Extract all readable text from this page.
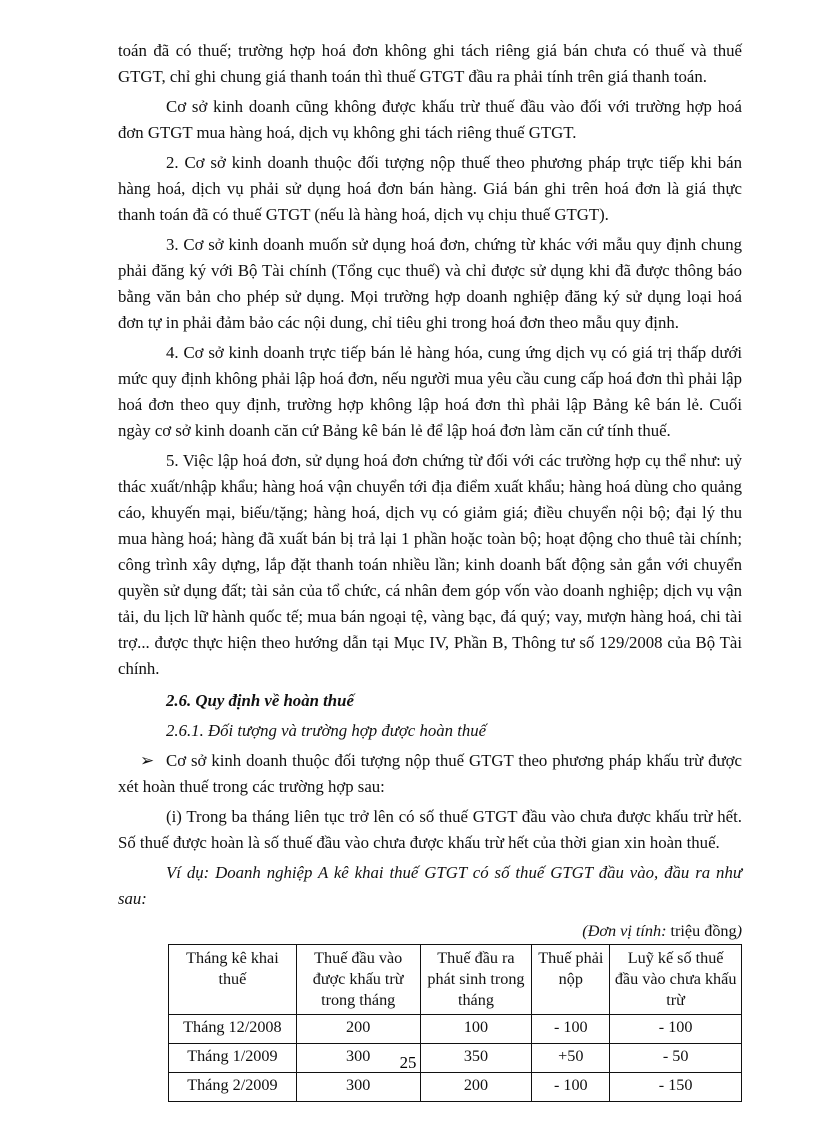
toán đã có thuế; trường hợp hoá đơn không ghi tách riêng giá bán chưa có thuế và thuế GTGT, chỉ ghi chung giá thanh toán thì thuế GTGT đầu ra phải tính trên giá thanh toán.

Cơ sở kinh doanh cũng không được khấu trừ thuế đầu vào đối với trường hợp hoá đơn GTGT mua hàng hoá, dịch vụ không ghi tách riêng thuế GTGT.

2. Cơ sở kinh doanh thuộc đối tượng nộp thuế theo phương pháp trực tiếp khi bán hàng hoá, dịch vụ phải sử dụng hoá đơn bán hàng. Giá bán ghi trên hoá đơn là giá thực thanh toán đã có thuế GTGT (nếu là hàng hoá, dịch vụ chịu thuế GTGT).

3. Cơ sở kinh doanh muốn sử dụng hoá đơn, chứng từ khác với mẫu quy định chung phải đăng ký với Bộ Tài chính (Tổng cục thuế) và chỉ được sử dụng khi đã được thông báo bằng văn bản cho phép sử dụng. Mọi trường hợp doanh nghiệp đăng ký sử dụng loại hoá đơn tự in phải đảm bảo các nội dung, chỉ tiêu ghi trong hoá đơn theo mẫu quy định.

4. Cơ sở kinh doanh trực tiếp bán lẻ hàng hóa, cung ứng dịch vụ có giá trị thấp dưới mức quy định không phải lập hoá đơn, nếu người mua yêu cầu cung cấp hoá đơn thì phải lập hoá đơn theo quy định, trường hợp không lập hoá đơn thì phải lập Bảng kê bán lẻ. Cuối ngày cơ sở kinh doanh căn cứ Bảng kê bán lẻ để lập hoá đơn làm căn cứ tính thuế.

5. Việc lập hoá đơn, sử dụng hoá đơn chứng từ đối với các trường hợp cụ thể như: uỷ thác xuất/nhập khẩu; hàng hoá vận chuyển tới địa điểm xuất khẩu; hàng hoá dùng cho quảng cáo, khuyến mại, biếu/tặng; hàng hoá, dịch vụ có giảm giá; điều chuyển nội bộ; đại lý thu mua hàng hoá; hàng đã xuất bán bị trả lại 1 phần hoặc toàn bộ; hoạt động cho thuê tài chính; công trình xây dựng, lắp đặt thanh toán nhiều lần; kinh doanh bất động sản gắn với chuyển quyền sử dụng đất; tài sản của tổ chức, cá nhân đem góp vốn vào doanh nghiệp; dịch vụ vận tải, du lịch lữ hành quốc tế; mua bán ngoại tệ, vàng bạc, đá quý; vay, mượn hàng hoá, chi tài trợ... được thực hiện theo hướng dẫn tại Mục IV, Phần B, Thông tư số 129/2008 của Bộ Tài chính.

2.6. Quy định về hoàn thuế

2.6.1. Đối tượng và trường hợp được hoàn thuế

➢ Cơ sở kinh doanh thuộc đối tượng nộp thuế GTGT theo phương pháp khấu trừ được xét hoàn thuế trong các trường hợp sau:

(i) Trong ba tháng liên tục trở lên có số thuế GTGT đầu vào chưa được khấu trừ hết. Số thuế được hoàn là số thuế đầu vào chưa được khấu trừ hết của thời gian xin hoàn thuế.

Ví dụ: Doanh nghiệp A kê khai thuế GTGT có số thuế GTGT đầu vào, đầu ra như sau:

(Đơn vị tính: triệu đồng)

Tháng kê khai thuế	Thuế đầu vào được khấu trừ trong tháng	Thuế đầu ra phát sinh trong tháng	Thuế phải nộp	Luỹ kế số thuế đầu vào chưa khấu trừ
Tháng 12/2008	200	100	- 100	- 100
Tháng 1/2009	300	350	+50	- 50
Tháng 2/2009	300	200	- 100	- 150
25
